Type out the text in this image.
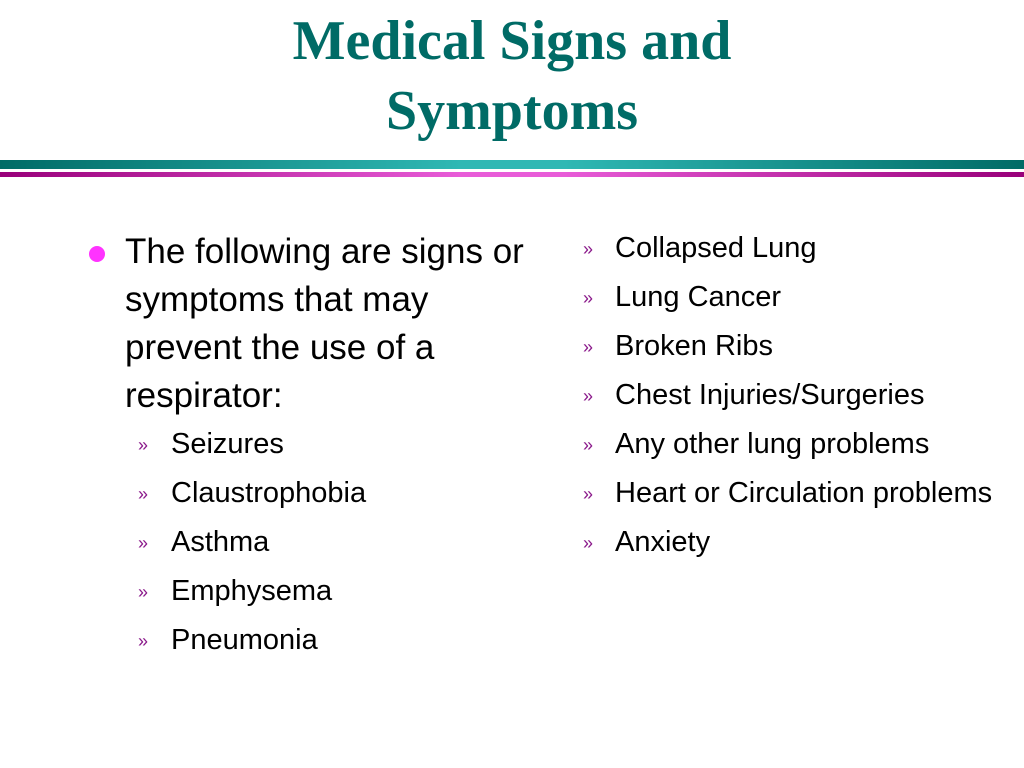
Medical Signs and
Symptoms
The following are signs or symptoms that may prevent the use of a respirator:
» Seizures
» Claustrophobia
» Asthma
» Emphysema
» Pneumonia
» Collapsed Lung
» Lung Cancer
» Broken Ribs
» Chest Injuries/Surgeries
» Any other lung problems
» Heart or Circulation problems
» Anxiety
